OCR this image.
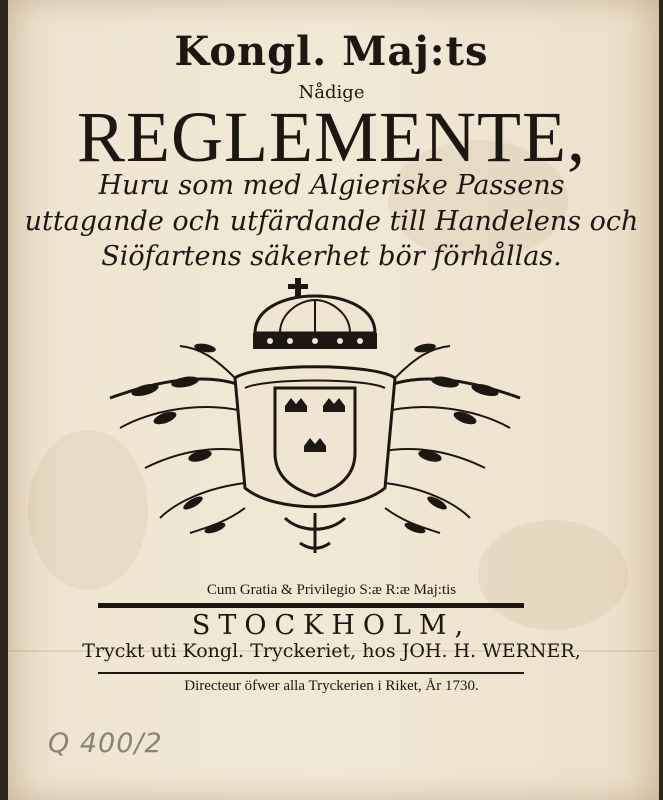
Kongl. Maj:ts
Nådige
REGLEMENTE,
Huru som med Algieriske Passens
uttagande och utfärdande till Handelens och
Siöfartens säkerhet bör förhållas.
Cum Gratia & Privilegio S:æ R:æ Maj:tis
STOCKHOLM,
Tryckt uti Kongl. Tryckeriet, hos JOH. H. WERNER,
Directeur öfwer alla Tryckerien i Riket, År 1730.
Q 400/2
